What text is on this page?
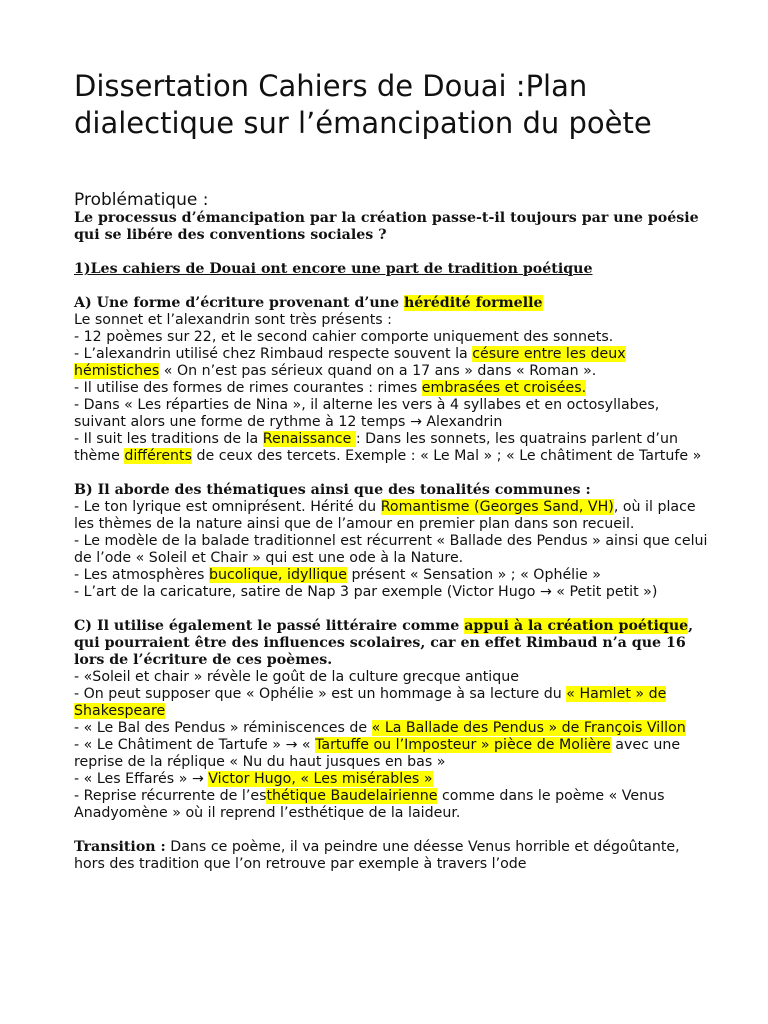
Dissertation Cahiers de Douai :Plan dialectique sur l’émancipation du poète

Problématique :

Le processus d’émancipation par la création passe-t-il toujours par une poésie qui se libére des conventions sociales ?

1)Les cahiers de Douai ont encore une part de tradition poétique

A) Une forme d’écriture provenant d’une hérédité formelle

Le sonnet et l’alexandrin sont très présents :

- 12 poèmes sur 22, et le second cahier comporte uniquement des sonnets.

- L’alexandrin utilisé chez Rimbaud respecte souvent la césure entre les deux hémistiches « On n’est pas sérieux quand on a 17 ans » dans « Roman ».

- Il utilise des formes de rimes courantes : rimes embrasées et croisées.

- Dans « Les réparties de Nina », il alterne les vers à 4 syllabes et en octosyllabes, suivant alors une forme de rythme à 12 temps → Alexandrin

- Il suit les traditions de la Renaissance : Dans les sonnets, les quatrains parlent d’un thème différents de ceux des tercets. Exemple : « Le Mal » ; « Le châtiment de Tartufe »

B) Il aborde des thématiques ainsi que des tonalités communes :

- Le ton lyrique est omniprésent. Hérité du Romantisme (Georges Sand, VH), où il place les thèmes de la nature ainsi que de l’amour en premier plan dans son recueil.

- Le modèle de la balade traditionnel est récurrent « Ballade des Pendus » ainsi que celui de l’ode « Soleil et Chair » qui est une ode à la Nature.

- Les atmosphères bucolique, idyllique présent « Sensation » ; « Ophélie »

- L’art de la caricature, satire de Nap 3 par exemple (Victor Hugo → « Petit petit »)

C) Il utilise également le passé littéraire comme appui à la création poétique, qui pourraient être des influences scolaires, car en effet Rimbaud n’a que 16 lors de l’écriture de ces poèmes.

- «Soleil et chair » révèle le goût de la culture grecque antique

- On peut supposer que « Ophélie » est un hommage à sa lecture du « Hamlet » de Shakespeare

- « Le Bal des Pendus » réminiscences de « La Ballade des Pendus » de François Villon

- « Le Châtiment de Tartufe » → « Tartuffe ou l’Imposteur » pièce de Molière avec une reprise de la réplique « Nu du haut jusques en bas »

- « Les Effarés » → Victor Hugo, « Les misérables »

- Reprise récurrente de l’esthétique Baudelairienne comme dans le poème « Venus Anadyomène » où il reprend l’esthétique de la laideur.

Transition : Dans ce poème, il va peindre une déesse Venus horrible et dégoûtante, hors des tradition que l’on retrouve par exemple à travers l’ode
